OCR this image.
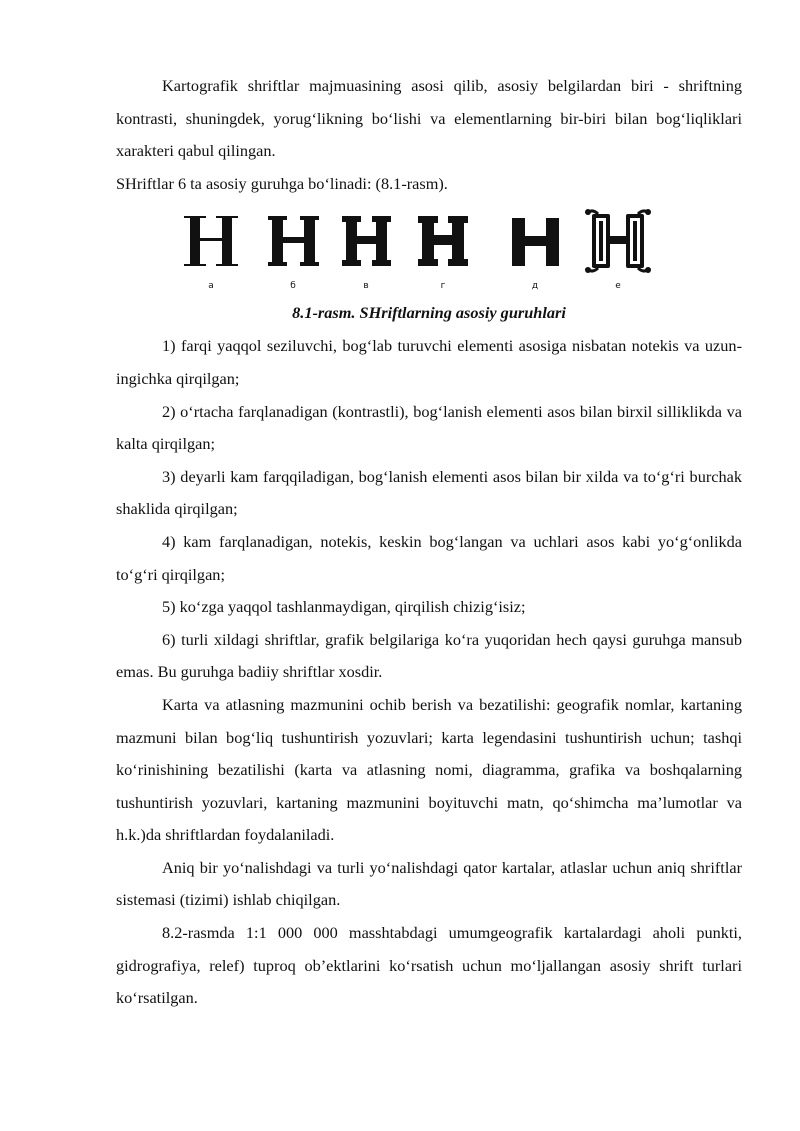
Kartografik shriftlar majmuasining asosi qilib, asosiy belgilardan biri - shriftning kontrasti, shuningdek, yorug‘likning bo‘lishi va elementlarning bir-biri bilan bog‘liqliklari xarakteri qabul qilingan.

SHriftlar 6 ta asosiy guruhga bo‘linadi: (8.1-rasm).

а	б	в	г	д	е
8.1-rasm. SHriftlarning asosiy guruhlari

1) farqi yaqqol seziluvchi, bog‘lab turuvchi elementi asosiga nisbatan notekis va uzun-ingichka qirqilgan;

2) o‘rtacha farqlanadigan (kontrastli), bog‘lanish elementi asos bilan birxil silliklikda va kalta qirqilgan;

3) deyarli kam farqqiladigan, bog‘lanish elementi asos bilan bir xilda va to‘g‘ri burchak shaklida qirqilgan;

4) kam farqlanadigan, notekis, keskin bog‘langan va uchlari asos kabi yo‘g‘onlikda to‘g‘ri qirqilgan;

5) ko‘zga yaqqol tashlanmaydigan, qirqilish chizig‘isiz;

6) turli xildagi shriftlar, grafik belgilariga ko‘ra yuqoridan hech qaysi guruhga mansub emas. Bu guruhga badiiy shriftlar xosdir.

Karta va atlasning mazmunini ochib berish va bezatilishi: geografik nomlar, kartaning mazmuni bilan bog‘liq tushuntirish yozuvlari; karta legendasini tushuntirish uchun; tashqi ko‘rinishining bezatilishi (karta va atlasning nomi, diagramma, grafika va boshqalarning tushuntirish yozuvlari, kartaning mazmunini boyituvchi matn, qo‘shimcha ma’lumotlar va h.k.)da shriftlardan foydalaniladi.

Aniq bir yo‘nalishdagi va turli yo‘nalishdagi qator kartalar, atlaslar uchun aniq shriftlar sistemasi (tizimi) ishlab chiqilgan.

8.2-rasmda 1:1 000 000 masshtabdagi umumgeografik kartalardagi aholi punkti, gidrografiya, relef) tuproq ob’ektlarini ko‘rsatish uchun mo‘ljallangan asosiy shrift turlari ko‘rsatilgan.
